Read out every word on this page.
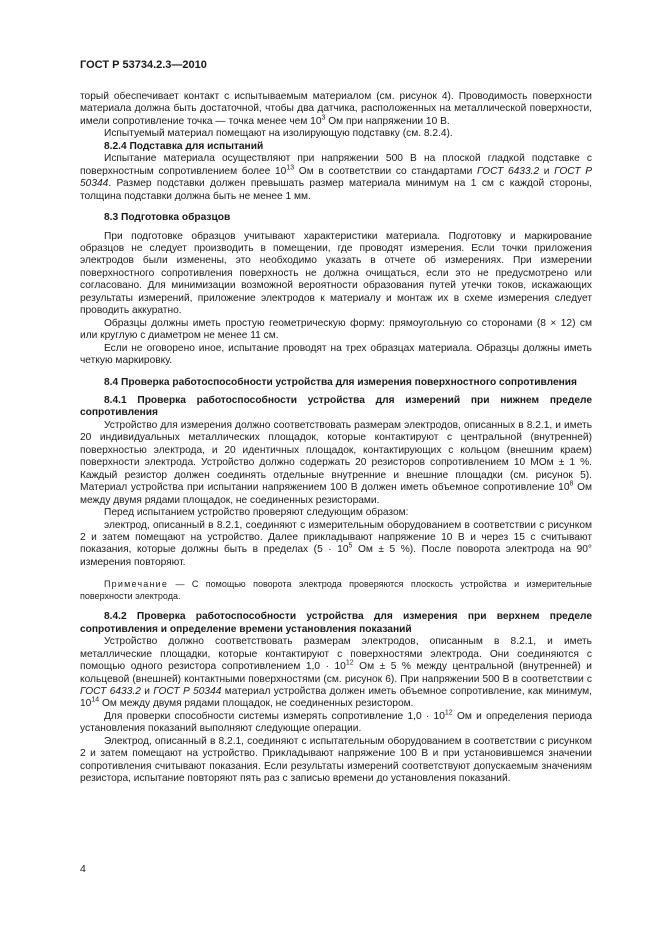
ГОСТ Р 53734.2.3—2010

торый обеспечивает контакт с испытываемым материалом (см. рисунок 4). Проводимость поверхности материала должна быть достаточной, чтобы два датчика, расположенных на металлической поверхности, имели сопротивление точка — точка менее чем $10^3$ Ом при напряжении 10 В.

Испытуемый материал помещают на изолирующую подставку (см. 8.2.4).

8.2.4 Подставка для испытаний

Испытание материала осуществляют при напряжении 500 В на плоской гладкой подставке с поверхностным сопротивлением более $10^{13}$ Ом в соответствии со стандартами ГОСТ 6433.2 и ГОСТ Р 50344. Размер подставки должен превышать размер материала минимум на 1 см с каждой стороны, толщина подставки должна быть не менее 1 мм.

8.3 Подготовка образцов

При подготовке образцов учитывают характеристики материала. Подготовку и маркирование образцов не следует производить в помещении, где проводят измерения. Если точки приложения электродов были изменены, это необходимо указать в отчете об измерениях. При измерении поверхностного сопротивления поверхность не должна очищаться, если это не предусмотрено или согласовано. Для минимизации возможной вероятности образования путей утечки токов, искажающих результаты измерений, приложение электродов к материалу и монтаж их в схеме измерения следует проводить аккуратно.

Образцы должны иметь простую геометрическую форму: прямоугольную со сторонами (8 × 12) см или круглую с диаметром не менее 11 см.

Если не оговорено иное, испытание проводят на трех образцах материала. Образцы должны иметь четкую маркировку.

8.4 Проверка работоспособности устройства для измерения поверхностного сопротивления
8.4.1 Проверка работоспособности устройства для измерений при нижнем пределе сопротивления

Устройство для измерения должно соответствовать размерам электродов, описанных в 8.2.1, и иметь 20 индивидуальных металлических площадок, которые контактируют с центральной (внутренней) поверхностью электрода, и 20 идентичных площадок, контактирующих с кольцом (внешним краем) поверхности электрода. Устройство должно содержать 20 резисторов сопротивлением 10 МОм ± 1 %. Каждый резистор должен соединять отдельные внутренние и внешние площадки (см. рисунок 5). Материал устройства при испытании напряжением 100 В должен иметь объемное сопротивление $10^8$ Ом между двумя рядами площадок, не соединенных резисторами.

Перед испытанием устройство проверяют следующим образом:

электрод, описанный в 8.2.1, соединяют с измерительным оборудованием в соответствии с рисунком 2 и затем помещают на устройство. Далее прикладывают напряжение 10 В и через 15 с считывают показания, которые должны быть в пределах ($5 \cdot 10^5$ Ом ± 5 %). После поворота электрода на 90° измерения повторяют.

Примечание — С помощью поворота электрода проверяются плоскость устройства и измерительные поверхности электрода.

8.4.2 Проверка работоспособности устройства для измерения при верхнем пределе сопротивления и определение времени установления показаний

Устройство должно соответствовать размерам электродов, описанным в 8.2.1, и иметь металлические площадки, которые контактируют с поверхностями электрода. Они соединяются с помощью одного резистора сопротивлением $1,0 \cdot 10^{12}$ Ом ± 5 % между центральной (внутренней) и кольцевой (внешней) контактными поверхностями (см. рисунок 6). При напряжении 500 В в соответствии с ГОСТ 6433.2 и ГОСТ Р 50344 материал устройства должен иметь объемное сопротивление, как минимум, $10^{14}$ Ом между двумя рядами площадок, не соединенных резистором.

Для проверки способности системы измерять сопротивление $1,0 \cdot 10^{12}$ Ом и определения периода установления показаний выполняют следующие операции.

Электрод, описанный в 8.2.1, соединяют с испытательным оборудованием в соответствии с рисунком 2 и затем помещают на устройство. Прикладывают напряжение 100 В и при установившемся значении сопротивления считывают показания. Если результаты измерений соответствуют допускаемым значениям резистора, испытание повторяют пять раз с записью времени до установления показаний.

4
